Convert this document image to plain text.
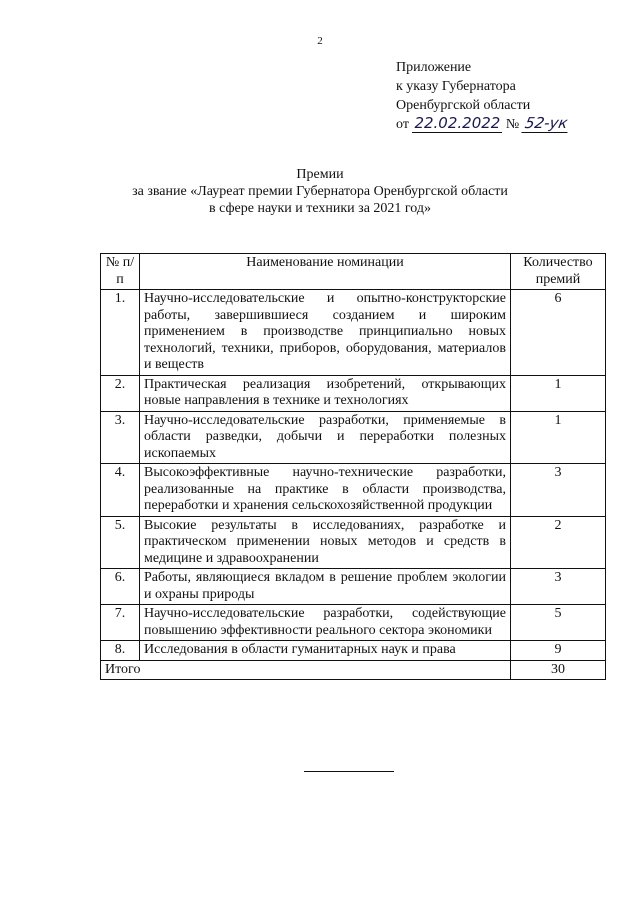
2
Приложение
к указу Губернатора
Оренбургской области
от 22.02.2022 № 52-ук
Премии
за звание «Лауреат премии Губернатора Оренбургской области
в сфере науки и техники за 2021 год»
№ п/п	Наименование номинации	Количество премий
1.	Научно-исследовательские и опытно-конструкторские работы, завершившиеся созданием и широким применением в производстве принципиально новых технологий, техники, приборов, оборудования, материалов и веществ	6
2.	Практическая реализация изобретений, открывающих новые направления в технике и технологиях	1
3.	Научно-исследовательские разработки, применяемые в области разведки, добычи и переработки полезных ископаемых	1
4.	Высокоэффективные научно-технические разработки, реализованные на практике в области производства, переработки и хранения сельскохозяйственной продукции	3
5.	Высокие результаты в исследованиях, разработке и практическом применении новых методов и средств в медицине и здравоохранении	2
6.	Работы, являющиеся вкладом в решение проблем экологии и охраны природы	3
7.	Научно-исследовательские разработки, содействующие повышению эффективности реального сектора экономики	5
8.	Исследования в области гуманитарных наук и права	9
Итого		30
